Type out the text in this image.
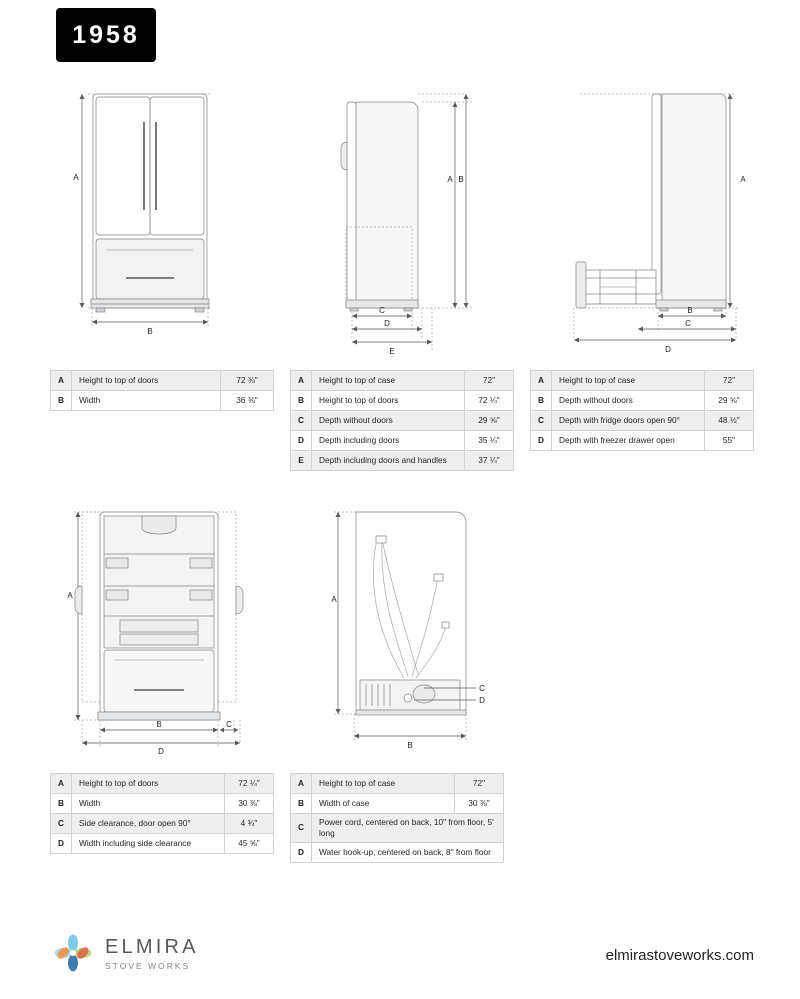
1958
A
B
A B
C
D
E
A
B
C
D
A	Height to top of doors	72 ⅜"
B	Width	36 ⅜"
A	Height to top of case	72"
B	Height to top of doors	72 ¼"
C	Depth without doors	29 ⅝"
D	Depth including doors	35 ¼"
E	Depth including doors and handles	37 ¼"
A	Height to top of case	72"
B	Depth without doors	29 ⅝"
C	Depth with fridge doors open 90°	48 ½"
D	Depth with freezer drawer open	55"
A
B	C
D
A
B
C
D
A	Height to top of doors	72 ¼"
B	Width	30 ⅜"
C	Side clearance, door open 90°	4 ¾"
D	Width including side clearance	45 ⅝"
A	Height to top of case	72"
B	Width of case	30 ⅜"
C	Power cord, centered on back, 10" from floor, 5' long	
D	Water hook-up, centered on back, 8" from floor	
ELMIRA
STOVE WORKS
elmirastoveworks.com
